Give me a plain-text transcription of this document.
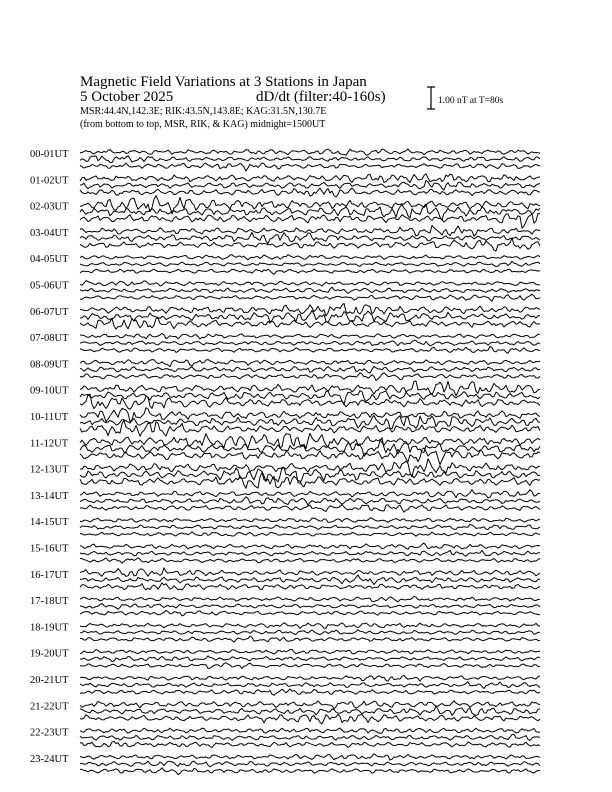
Magnetic Field Variations at 3 Stations in Japan
5 October 2025	dD/dt (filter:40-160s)
MSR:44.4N,142.3E; RIK:43.5N,143.8E; KAG:31.5N,130.7E
(from bottom to top, MSR, RIK, & KAG) midnight=1500UT
1.00 nT at T=80s
00-01UT
01-02UT
02-03UT
03-04UT
04-05UT
05-06UT
06-07UT
07-08UT
08-09UT
09-10UT
10-11UT
11-12UT
12-13UT
13-14UT
14-15UT
15-16UT
16-17UT
17-18UT
18-19UT
19-20UT
20-21UT
21-22UT
22-23UT
23-24UT
